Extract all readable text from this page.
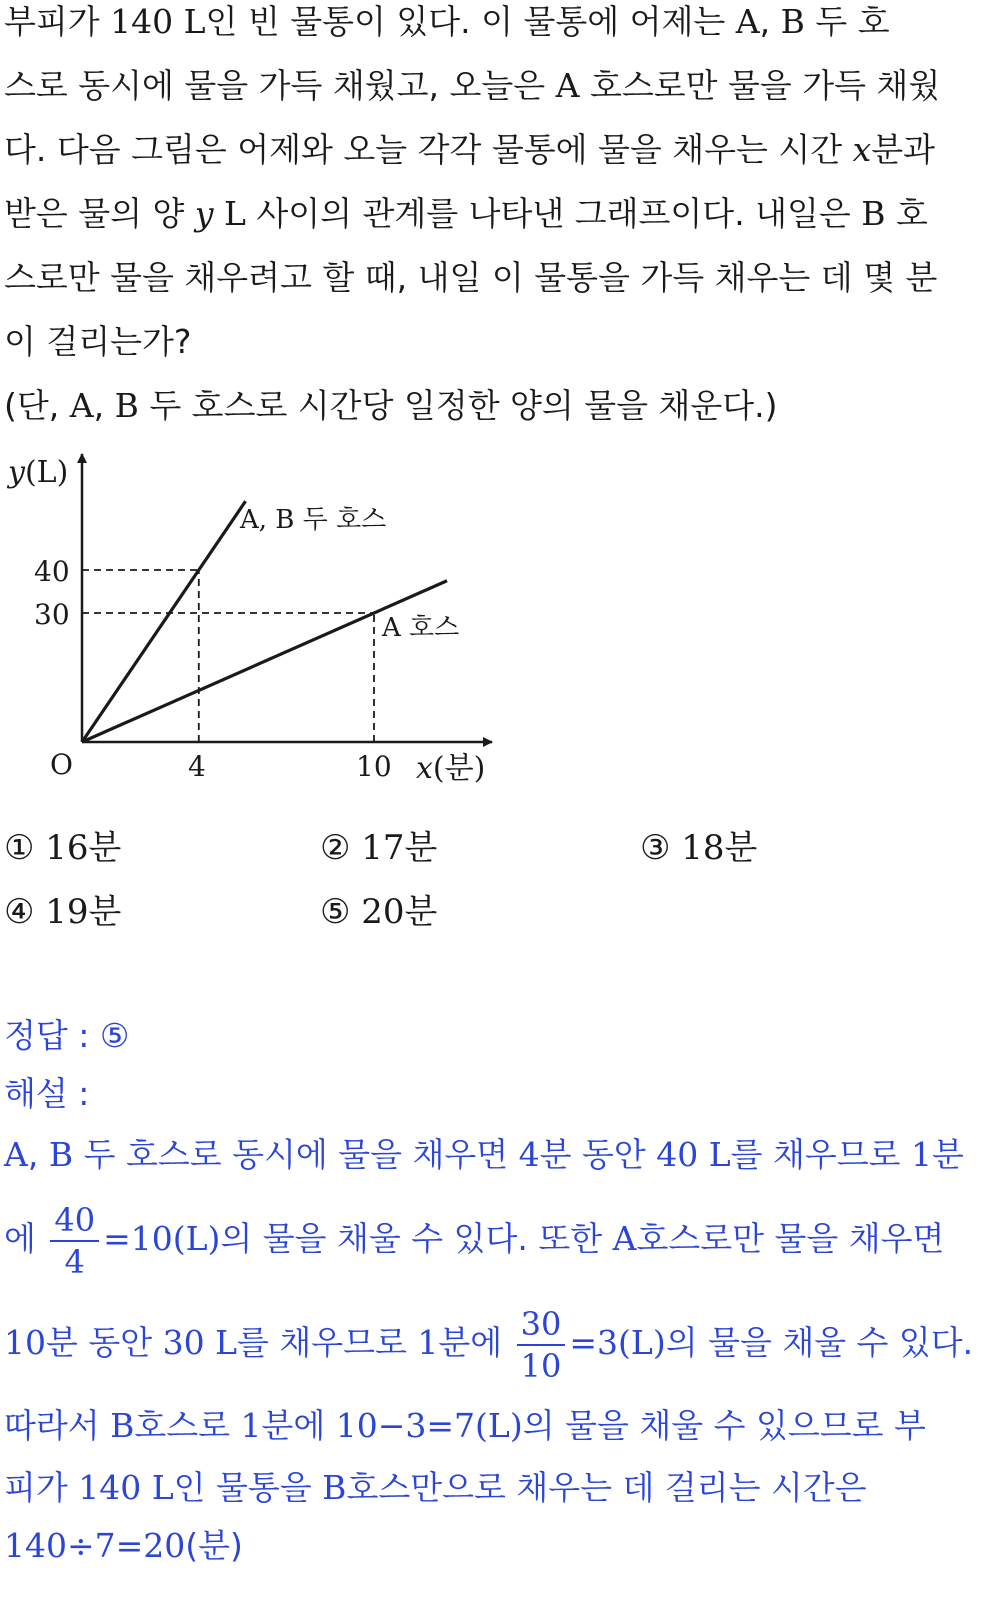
부피가 140 L인 빈 물통이 있다. 이 물통에 어제는 A, B 두 호
스로 동시에 물을 가득 채웠고, 오늘은 A 호스로만 물을 가득 채웠
다. 다음 그림은 어제와 오늘 각각 물통에 물을 채우는 시간 x분과
받은 물의 양 y L 사이의 관계를 나타낸 그래프이다. 내일은 B 호
스로만 물을 채우려고 할 때, 내일 이 물통을 가득 채우는 데 몇 분
이 걸리는가?
(단, A, B 두 호스로 시간당 일정한 양의 물을 채운다.)
y(L)
O	4	10
40
30
x(분)
A, B 두 호스
A 호스
① 16분	② 17분	③ 18분
④ 19분	⑤ 20분
정답 : ⑤
해설 :
A, B 두 호스로 동시에 물을 채우면 4분 동안 40 L를 채우므로 1분
에 $\frac{40}{4} =10(L)$의 물을 채울 수 있다. 또한 A호스로만 물을 채우면
10분 동안 30 L를 채우므로 1분에 $\frac{30}{10} =3(L)$의 물을 채울 수 있다.
따라서 B호스로 1분에 10−3=7(L)의 물을 채울 수 있으므로 부
피가 140 L인 물통을 B호스만으로 채우는 데 걸리는 시간은
140÷7=20(분)
